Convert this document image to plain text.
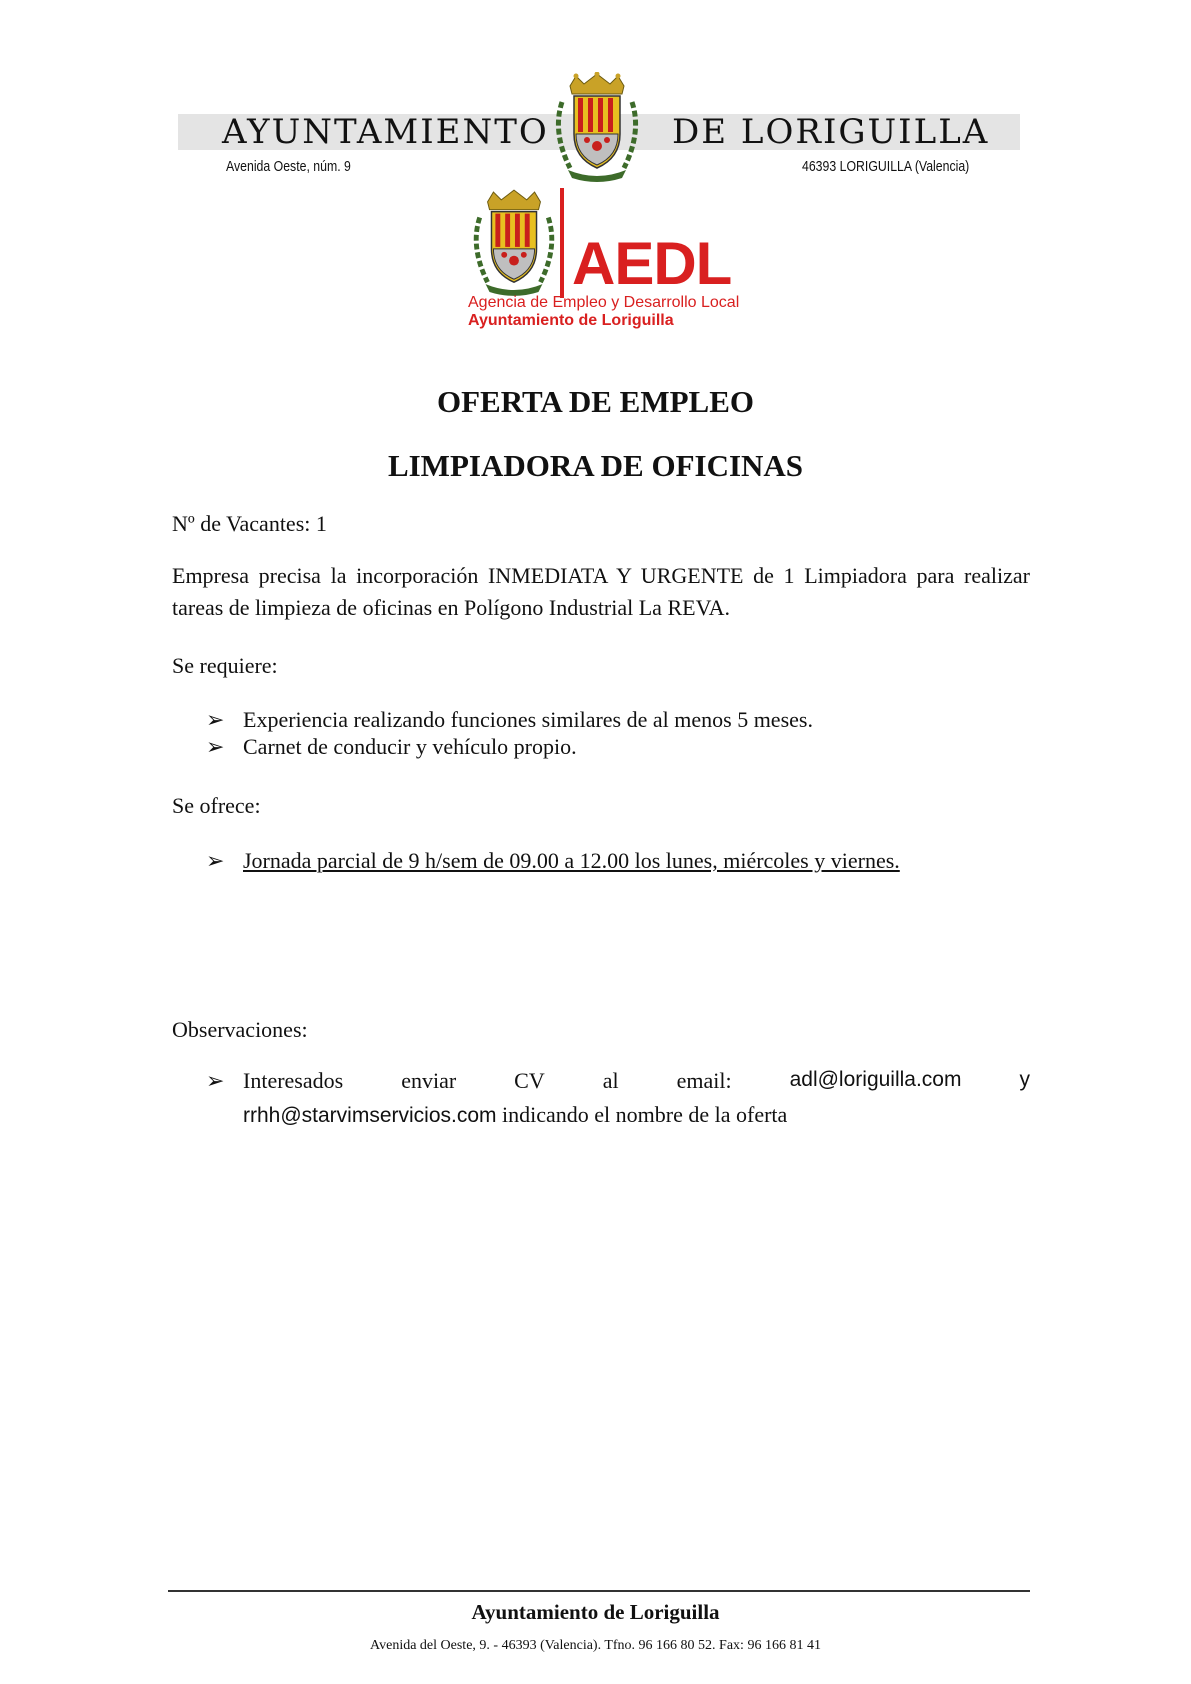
AYUNTAMIENTO	DE LORIGUILLA
Avenida Oeste, núm. 9	46393 LORIGUILLA (Valencia)
AEDL
Agencia de Empleo y Desarrollo Local
Ayuntamiento de Loriguilla
OFERTA DE EMPLEO
LIMPIADORA DE OFICINAS
Nº de Vacantes: 1
Empresa precisa la incorporación INMEDIATA Y URGENTE de 1 Limpiadora para realizar tareas de limpieza de oficinas en Polígono Industrial La REVA.
Se requiere:
➢ Experiencia realizando funciones similares de al menos 5 meses.
➢ Carnet de conducir y vehículo propio.
Se ofrece:
➢ Jornada parcial de 9 h/sem de 09.00 a 12.00 los lunes, miércoles y viernes.
Observaciones:
➢ Interesados	enviar	CV	al	email:	adl@loriguilla.com	y
rrhh@starvimservicios.com indicando el nombre de la oferta
Ayuntamiento de Loriguilla
Avenida del Oeste, 9. - 46393 (Valencia). Tfno. 96 166 80 52. Fax: 96 166 81 41
